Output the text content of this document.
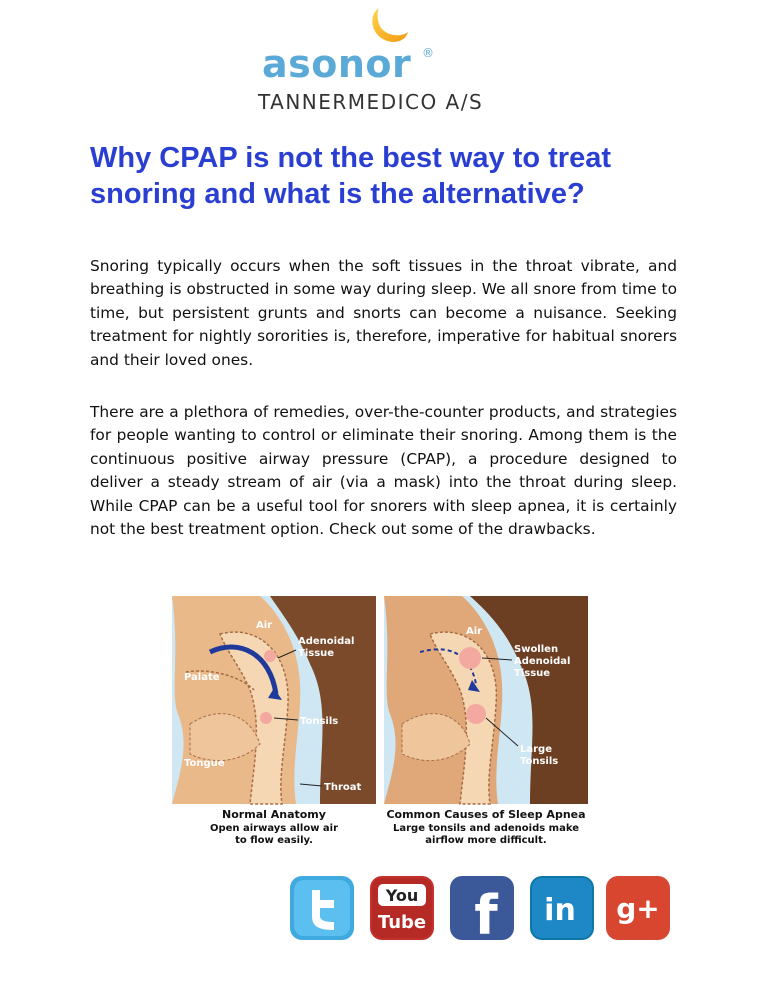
asonor ®
TANNERMEDICO A/S
Why CPAP is not the best way to treat snoring and what is the alternative?

Snoring typically occurs when the soft tissues in the throat vibrate, and breathing is obstructed in some way during sleep. We all snore from time to time, but persistent grunts and snorts can become a nuisance. Seeking treatment for nightly sororities is, therefore, imperative for habitual snorers and their loved ones.

There are a plethora of remedies, over-the-counter products, and strategies for people wanting to control or eliminate their snoring. Among them is the continuous positive airway pressure (CPAP), a procedure designed to deliver a steady stream of air (via a mask) into the throat during sleep. While CPAP can be a useful tool for snorers with sleep apnea, it is certainly not the best treatment option. Check out some of the drawbacks.

Air
Adenoidal
Tissue
Palate
Tonsils
Tongue
Throat
Air
Swollen
Adenoidal
Tissue
Large
Tonsils
Normal Anatomy
Open airways allow air
to flow easily.
Common Causes of Sleep Apnea
Large tonsils and adenoids make
airflow more difficult.
You
Tube f in g+
